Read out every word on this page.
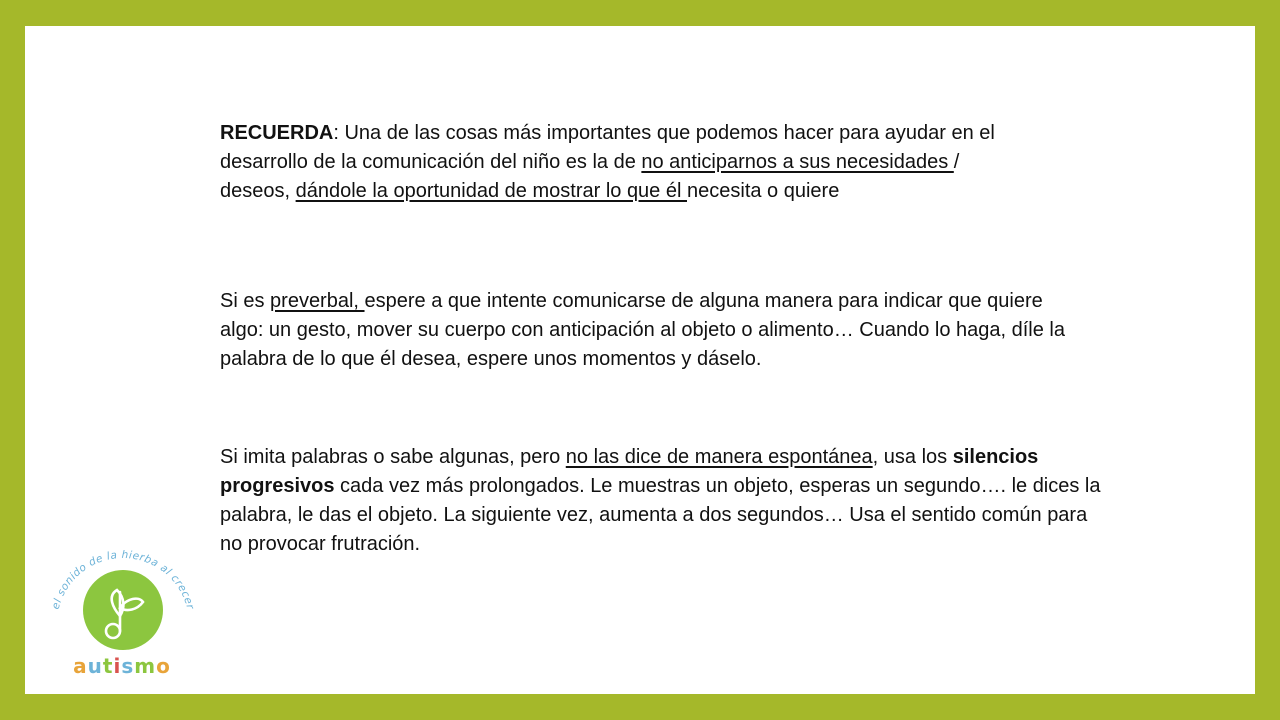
RECUERDA: Una de las cosas más importantes que podemos hacer para ayudar en el
desarrollo de la comunicación del niño es la de no anticiparnos a sus necesidades /
deseos, dándole la oportunidad de mostrar lo que él necesita o quiere
Si es preverbal, espere a que intente comunicarse de alguna manera para indicar que quiere
algo: un gesto, mover su cuerpo con anticipación al objeto o alimento… Cuando lo haga, díle la
palabra de lo que él desea, espere unos momentos y dáselo.
Si imita palabras o sabe algunas, pero no las dice de manera espontánea, usa los silencios
progresivos cada vez más prolongados. Le muestras un objeto, esperas un segundo…. le dices la
palabra, le das el objeto. La siguiente vez, aumenta a dos segundos… Usa el sentido común para
no provocar frutración.
el sonido de la hierba al crecer
autismo
